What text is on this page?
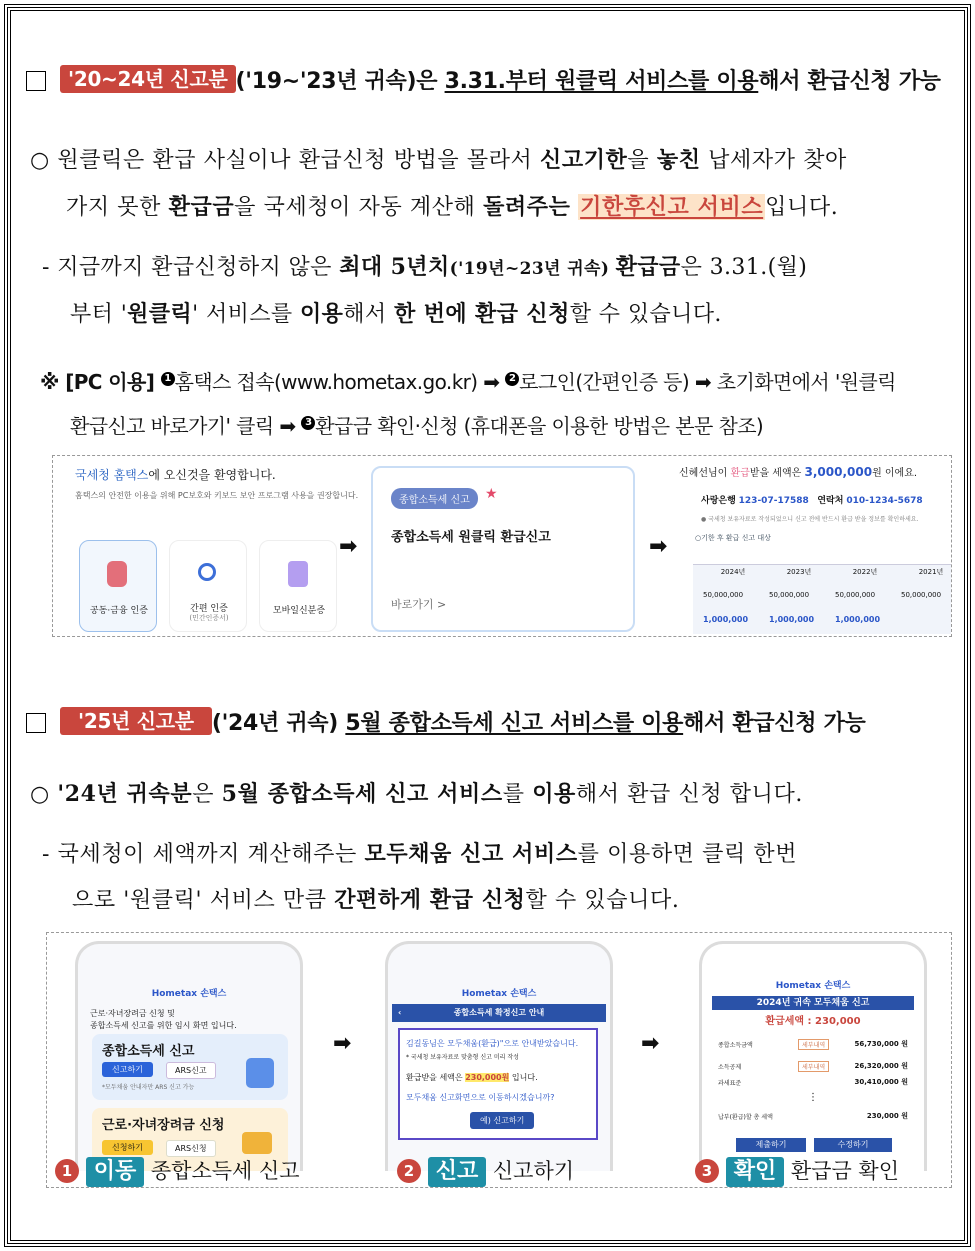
'20~24년 신고분 ('19~'23년 귀속)은 3.31.부터 원클릭 서비스를 이용해서 환급신청 가능
○ 원클릭은 환급 사실이나 환급신청 방법을 몰라서 신고기한을 놓친 납세자가 찾아
가지 못한 환급금을 국세청이 자동 계산해 돌려주는 기한후신고 서비스입니다.
- 지금까지 환급신청하지 않은 최대 5년치('19년~23년 귀속) 환급금은 3.31.(월)
부터 '원클릭' 서비스를 이용해서 한 번에 환급 신청할 수 있습니다.
※ [PC 이용] 1 홈택스 접속(www.hometax.go.kr) ➡ 2 로그인(간편인증 등) ➡ 초기화면에서 '원클릭
환급신고 바로가기' 클릭 ➡ 3 환급금 확인·신청 (휴대폰을 이용한 방법은 본문 참조)
국세청 홈택스에 오신것을 환영합니다.
홈택스의 안전한 이용을 위해 PC보호와 키보드 보안 프로그램 사용을 권장합니다.
공동·금융 인증	간편 인증
(민간인증서)
모바일신분증
➡
종합소득세 신고	★
종합소득세 원클릭 환급신고
바로가기 >
➡
신혜선님이 환급받을 세액은 3,000,000원 이에요.
사랑은행 123-07-17588 연락처 010-1234-5678
● 국세청 보유자료로 작성되었으니 신고 전에 반드시 환급 받을 정보를 확인하세요.
○기한 후 환급 신고 대상
2024년	2023년	2022년	2021년
50,000,000	50,000,000	50,000,000	50,000,000
1,000,000	1,000,000	1,000,000
'25년 신고분 ('24년 귀속) 5월 종합소득세 신고 서비스를 이용해서 환급신청 가능
○ '24년 귀속분은 5월 종합소득세 신고 서비스를 이용해서 환급 신청 합니다.
- 국세청이 세액까지 계산해주는 모두채움 신고 서비스를 이용하면 클릭 한번
으로 '원클릭' 서비스 만큼 간편하게 환급 신청할 수 있습니다.
Hometax 손택스
근로·자녀장려금 신청 및
종합소득세 신고를 위한 임시 화면 입니다.
종합소득세 신고
신고하기	ARS신고
*모두채움 안내자만 ARS 신고 가능
근로·자녀장려금 신청
신청하기	ARS신청
➡
Hometax 손택스
‹	종합소득세 확정신고 안내
김길동님은 모두채움(환급)"으로 안내받았습니다.
* 국세청 보유자료로 맞춤형 신고 미리 작성
환급받을 세액은 230,000원 입니다.
모두채움 신고화면으로 이동하시겠습니까?
예) 신고하기
➡
Hometax 손택스
2024년 귀속 모두채움 신고
환급세액 : 230,000
종합소득금액	세부내역	56,730,000 원
소득공제	세부내역	26,320,000 원
과세표준	30,410,000 원
⋮
납부(환급)할 총 세액	230,000 원
제출하기	수정하기
1 이동 종합소득세 신고	2 신고 신고하기	3 확인 환급금 확인
